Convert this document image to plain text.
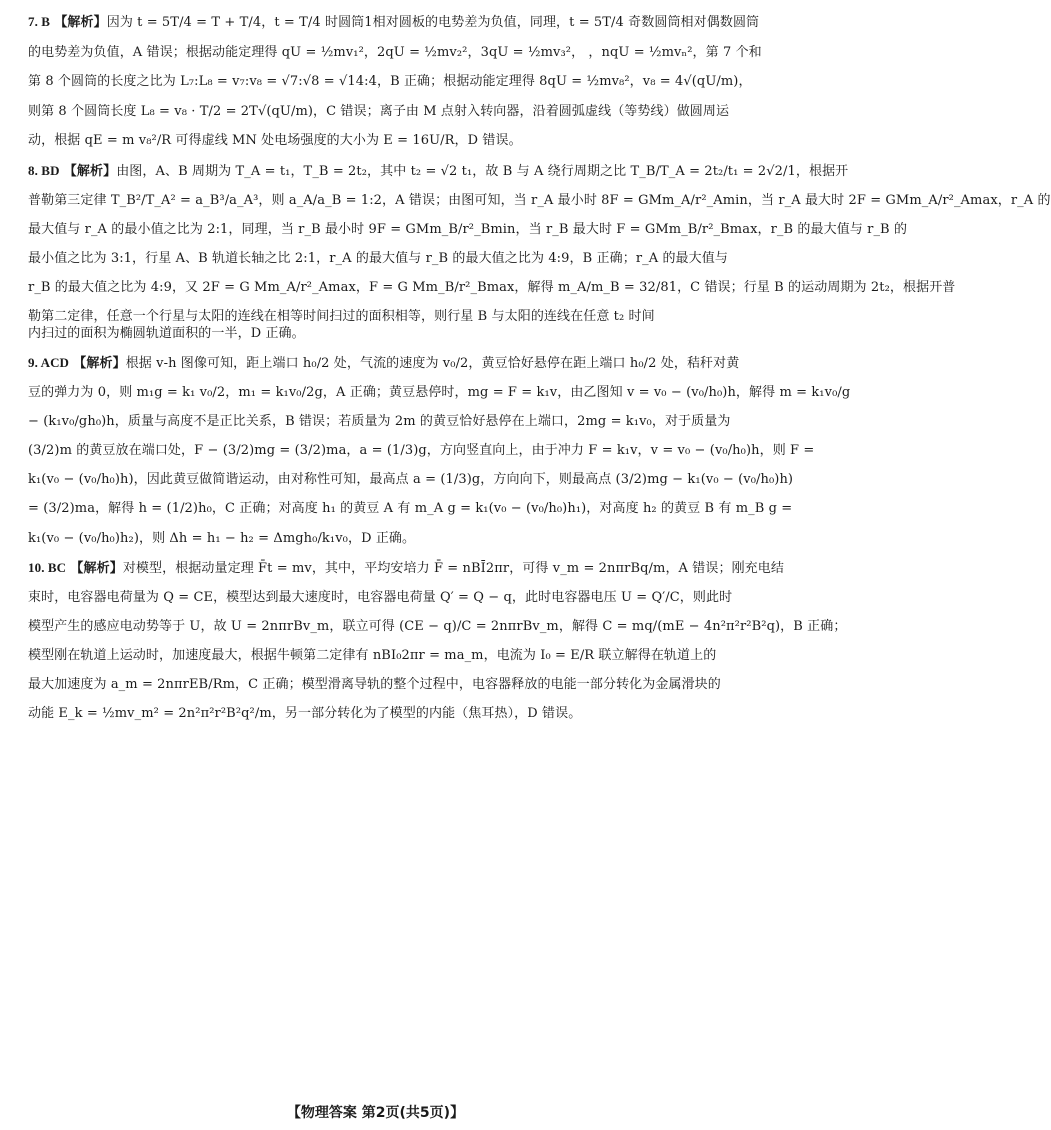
7. B 【解析】因为 t = 5T/4 = T + T/4，t = T/4 时圆筒1相对圆板的电势差为负值，同理，t = 5T/4 奇数圆筒相对偶数圆筒

的电势差为负值，A 错误；根据动能定理得 qU = ½mv₁²，2qU = ½mv₂²，3qU = ½mv₃²， ，nqU = ½mvₙ²，第 7 个和

第 8 个圆筒的长度之比为 L₇:L₈ = v₇:v₈ = √7:√8 = √14:4，B 正确；根据动能定理得 8qU = ½mv₈²，v₈ = 4√(qU/m)，

则第 8 个圆筒长度 L₈ = v₈ · T/2 = 2T√(qU/m)，C 错误；离子由 M 点射入转向器，沿着圆弧虚线（等势线）做圆周运

动，根据 qE = m v₈²/R 可得虚线 MN 处电场强度的大小为 E = 16U/R，D 错误。

8. BD 【解析】由图，A、B 周期为 T_A = t₁，T_B = 2t₂，其中 t₂ = √2 t₁，故 B 与 A 绕行周期之比 T_B/T_A = 2t₂/t₁ = 2√2/1，根据开

普勒第三定律 T_B²/T_A² = a_B³/a_A³，则 a_A/a_B = 1:2，A 错误；由图可知，当 r_A 最小时 8F = GMm_A/r²_Amin，当 r_A 最大时 2F = GMm_A/r²_Amax，r_A 的

最大值与 r_A 的最小值之比为 2:1，同理，当 r_B 最小时 9F = GMm_B/r²_Bmin，当 r_B 最大时 F = GMm_B/r²_Bmax，r_B 的最大值与 r_B 的

最小值之比为 3:1，行星 A、B 轨道长轴之比 2:1，r_A 的最大值与 r_B 的最大值之比为 4:9，B 正确；r_A 的最大值与

r_B 的最大值之比为 4:9，又 2F = G Mm_A/r²_Amax，F = G Mm_B/r²_Bmax，解得 m_A/m_B = 32/81，C 错误；行星 B 的运动周期为 2t₂，根据开普

勒第二定律，任意一个行星与太阳的连线在相等时间扫过的面积相等，则行星 B 与太阳的连线在任意 t₂ 时间

内扫过的面积为椭圆轨道面积的一半，D 正确。

9. ACD 【解析】根据 v-h 图像可知，距上端口 h₀/2 处，气流的速度为 v₀/2，黄豆恰好悬停在距上端口 h₀/2 处，秸秆对黄

豆的弹力为 0，则 m₁g = k₁ v₀/2，m₁ = k₁v₀/2g，A 正确；黄豆悬停时，mg = F = k₁v，由乙图知 v = v₀ − (v₀/h₀)h，解得 m = k₁v₀/g

− (k₁v₀/gh₀)h，质量与高度不是正比关系，B 错误；若质量为 2m 的黄豆恰好悬停在上端口，2mg = k₁v₀，对于质量为

(3/2)m 的黄豆放在端口处，F − (3/2)mg = (3/2)ma，a = (1/3)g，方向竖直向上，由于冲力 F = k₁v，v = v₀ − (v₀/h₀)h，则 F =

k₁(v₀ − (v₀/h₀)h)，因此黄豆做简谐运动，由对称性可知，最高点 a = (1/3)g，方向向下，则最高点 (3/2)mg − k₁(v₀ − (v₀/h₀)h)

= (3/2)ma，解得 h = (1/2)h₀，C 正确；对高度 h₁ 的黄豆 A 有 m_A g = k₁(v₀ − (v₀/h₀)h₁)，对高度 h₂ 的黄豆 B 有 m_B g =

k₁(v₀ − (v₀/h₀)h₂)，则 Δh = h₁ − h₂ = Δmgh₀/k₁v₀，D 正确。

10. BC 【解析】对模型，根据动量定理 F̄t = mv，其中，平均安培力 F̄ = nBĪ2πr，可得 v_m = 2nπrBq/m，A 错误；刚充电结

束时，电容器电荷量为 Q = CE，模型达到最大速度时，电容器电荷量 Q′ = Q − q，此时电容器电压 U = Q′/C，则此时

模型产生的感应电动势等于 U，故 U = 2nπrBv_m，联立可得 (CE − q)/C = 2nπrBv_m，解得 C = mq/(mE − 4n²π²r²B²q)，B 正确；

模型刚在轨道上运动时，加速度最大，根据牛顿第二定律有 nBI₀2πr = ma_m，电流为 I₀ = E/R 联立解得在轨道上的

最大加速度为 a_m = 2nπrEB/Rm，C 正确；模型滑离导轨的整个过程中，电容器释放的电能一部分转化为金属滑块的

动能 E_k = ½mv_m² = 2n²π²r²B²q²/m，另一部分转化为了模型的内能（焦耳热），D 错误。

【物理答案 第2页(共5页)】
